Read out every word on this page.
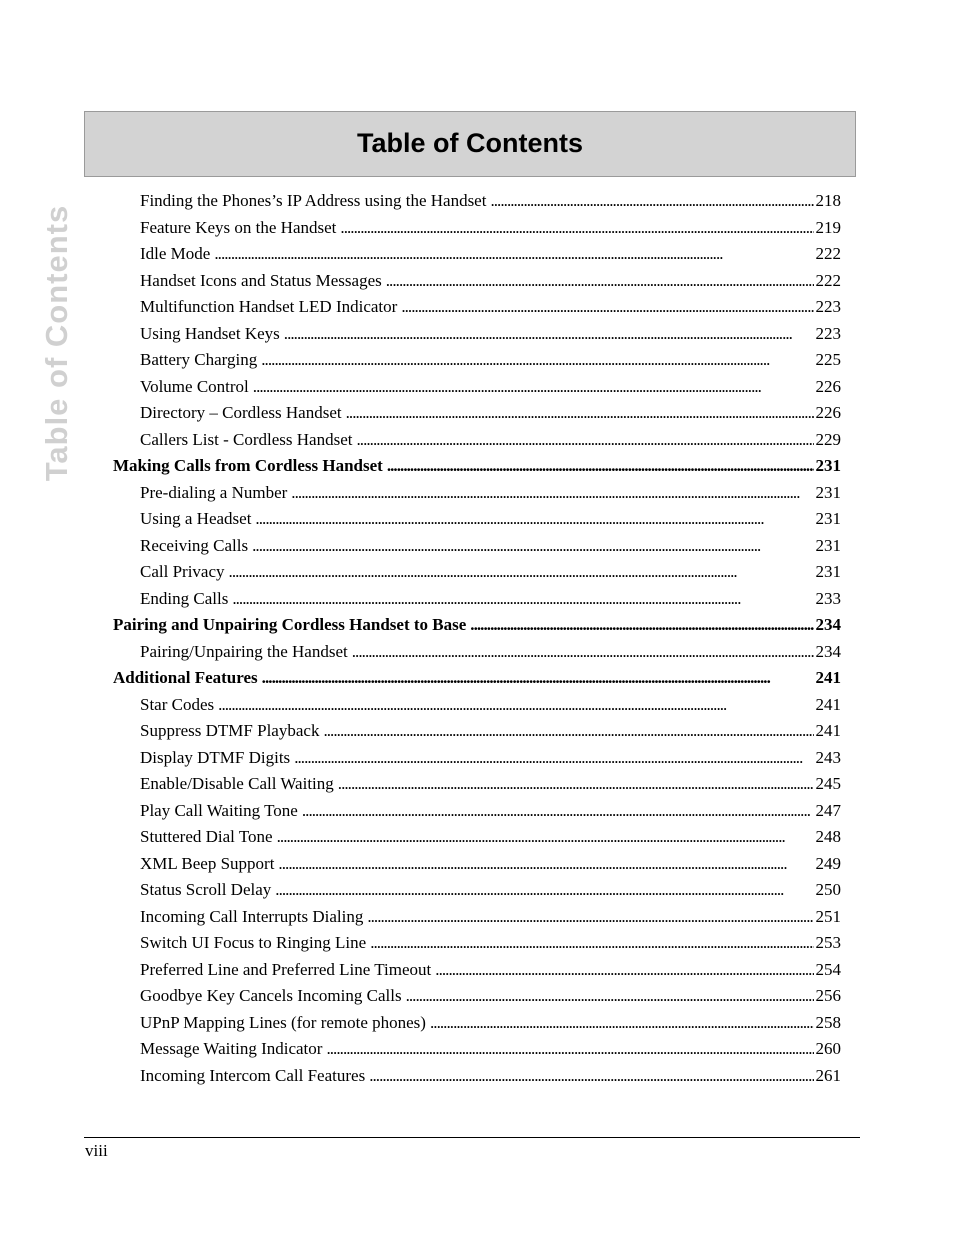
Table of Contents
Table of Contents
Finding the Phones’s IP Address using the Handset . . .	218
Feature Keys on the Handset . . .	219
Idle Mode . . .	222
Handset Icons and Status Messages . . .	222
Multifunction Handset LED Indicator . . .	223
Using Handset Keys . . .	223
Battery Charging . . .	225
Volume Control . . .	226
Directory – Cordless Handset . . .	226
Callers List - Cordless Handset . . .	229
Making Calls from Cordless Handset . . .	231
Pre-dialing a Number . . .	231
Using a Headset . . .	231
Receiving Calls . . .	231
Call Privacy . . .	231
Ending Calls . . .	233
Pairing and Unpairing Cordless Handset to Base . . .	234
Pairing/Unpairing the Handset . . .	234
Additional Features . . .	241
Star Codes . . .	241
Suppress DTMF Playback . . .	241
Display DTMF Digits . . .	243
Enable/Disable Call Waiting . . .	245
Play Call Waiting Tone . . .	247
Stuttered Dial Tone . . .	248
XML Beep Support . . .	249
Status Scroll Delay . . .	250
Incoming Call Interrupts Dialing . . .	251
Switch UI Focus to Ringing Line . . .	253
Preferred Line and Preferred Line Timeout . . .	254
Goodbye Key Cancels Incoming Calls . . .	256
UPnP Mapping Lines (for remote phones) . . .	258
Message Waiting Indicator . . .	260
Incoming Intercom Call Features . . .	261
viii
